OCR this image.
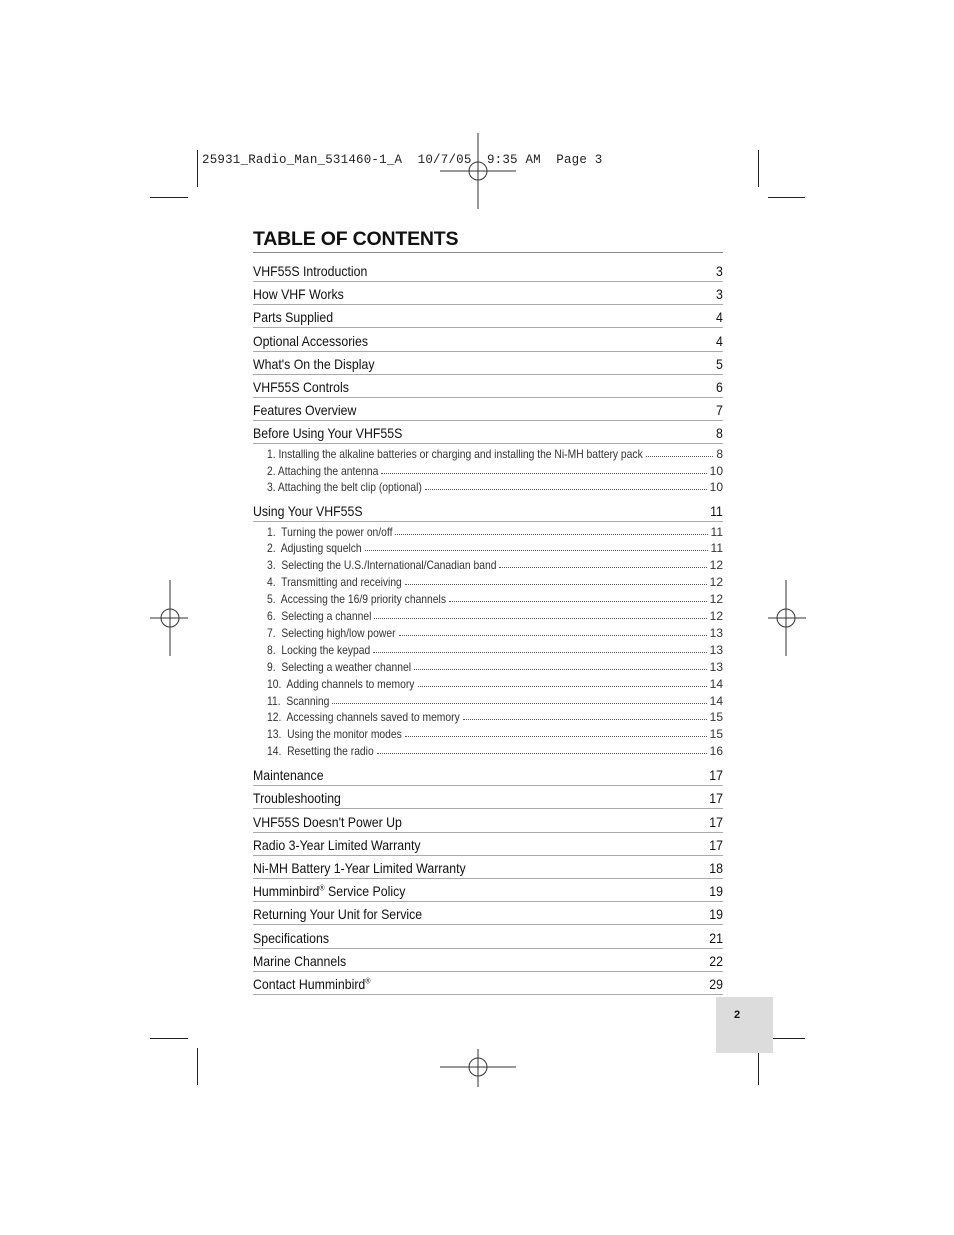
25931_Radio_Man_531460-1_A  10/7/05  9:35 AM  Page 3
TABLE OF CONTENTS
VHF55S Introduction	3
How VHF Works	3
Parts Supplied	4
Optional Accessories	4
What's On the Display	5
VHF55S Controls	6
Features Overview	7
Before Using Your VHF55S	8
1. Installing the alkaline batteries or charging and installing the Ni-MH battery pack	8
2. Attaching the antenna	10
3. Attaching the belt clip (optional)	10
Using Your VHF55S	11
1.  Turning the power on/off	11
2.  Adjusting squelch	11
3.  Selecting the U.S./International/Canadian band	12
4.  Transmitting and receiving	12
5.  Accessing the 16/9 priority channels	12
6.  Selecting a channel	12
7.  Selecting high/low power	13
8.  Locking the keypad	13
9.  Selecting a weather channel	13
10.  Adding channels to memory	14
11.  Scanning	14
12.  Accessing channels saved to memory	15
13.  Using the monitor modes	15
14.  Resetting the radio	16
Maintenance	17
Troubleshooting	17
VHF55S Doesn't Power Up	17
Radio 3-Year Limited Warranty	17
Ni-MH Battery 1-Year Limited Warranty	18
Humminbird® Service Policy	19
Returning Your Unit for Service	19
Specifications	21
Marine Channels	22
Contact Humminbird®	29
2
